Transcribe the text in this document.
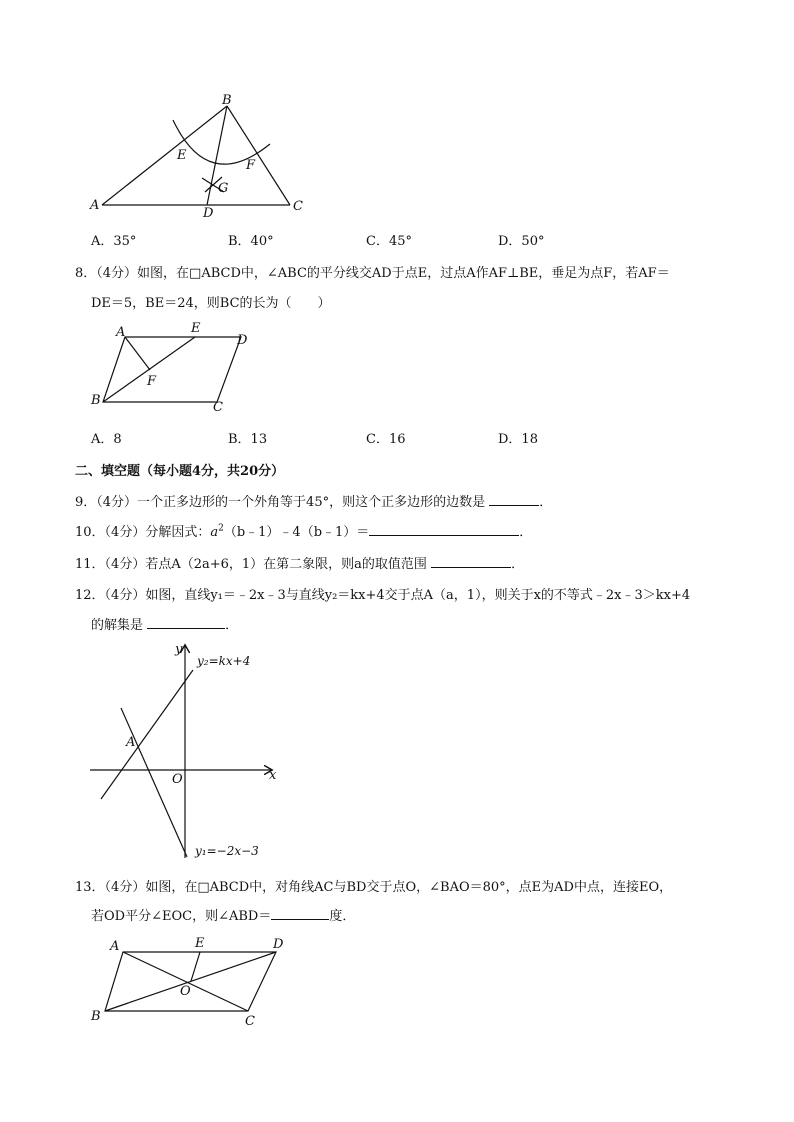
B
A	C
D
E
F
G
A．35°	B．40°	C．45°	D．50°
8．（4分）如图，在□ABCD中，∠ABC的平分线交AD于点E，过点A作AF⊥BE，垂足为点F，若AF＝
DE＝5，BE＝24，则BC的长为（　　）
A	E
D
F
B	C
A．8	B．13	C．16	D．18
二、填空题（每小题4分，共20分）
9．（4分）一个正多边形的一个外角等于45°，则这个正多边形的边数是	．
10．（4分）分解因式：$a^2(b﹣1)﹣4(b﹣1)=$	．
11．（4分）若点A（2a+6，1）在第二象限，则a的取值范围	．
12．（4分）如图，直线y₁＝﹣2x﹣3与直线y₂＝kx+4交于点A（a，1），则关于x的不等式﹣2x﹣3＞kx+4
的解集是	．
y
x
O
A
y₂=kx+4
y₁=−2x−3
13．（4分）如图，在□ABCD中，对角线AC与BD交于点O，∠BAO＝80°，点E为AD中点，连接EO，
若OD平分∠EOC，则∠ABD＝	度．
A	E	D
O
B	C
